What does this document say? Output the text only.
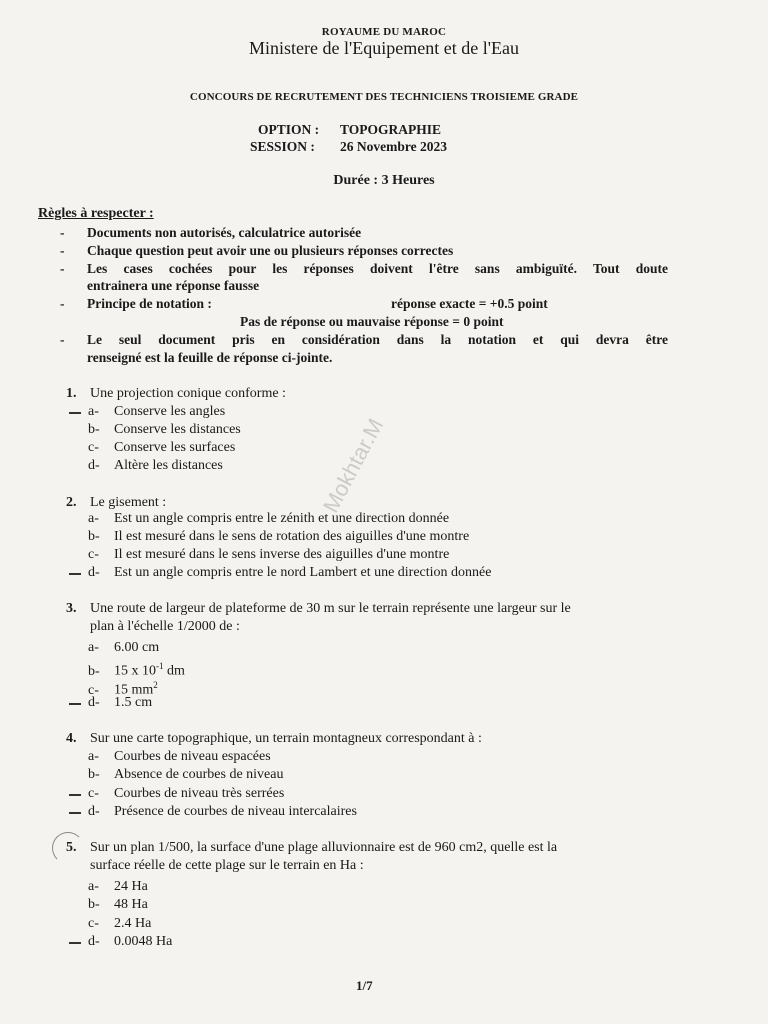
ROYAUME DU MAROC
Ministere de l'Equipement et de l'Eau
CONCOURS DE RECRUTEMENT DES TECHNICIENS TROISIEME GRADE
OPTION : TOPOGRAPHIE
SESSION : 26 Novembre 2023
Durée : 3 Heures
Règles à respecter :
- Documents non autorisés, calculatrice autorisée
- Chaque question peut avoir une ou plusieurs réponses correctes
- Les cases cochées pour les réponses doivent l'être sans ambiguïté. Tout doute
entrainera une réponse fausse
- Principe de notation :	réponse exacte = +0.5 point
Pas de réponse ou mauvaise réponse = 0 point
- Le seul document pris en considération dans la notation et qui devra être
renseigné est la feuille de réponse ci-jointe.
1. Une projection conique conforme :
a- Conserve les angles
b- Conserve les distances
c- Conserve les surfaces
d- Altère les distances
2. Le gisement :
a- Est un angle compris entre le zénith et une direction donnée
b- Il est mesuré dans le sens de rotation des aiguilles d'une montre
c- Il est mesuré dans le sens inverse des aiguilles d'une montre
d- Est un angle compris entre le nord Lambert et une direction donnée
Mokhtar.M
3. Une route de largeur de plateforme de 30 m sur le terrain représente une largeur sur le
plan à l'échelle 1/2000 de :
a- 6.00 cm
b- 15 x $10^{-1}$ dm
c- 15 $mm^2$
d- 1.5 cm
4. Sur une carte topographique, un terrain montagneux correspondant à :
a- Courbes de niveau espacées
b- Absence de courbes de niveau
c- Courbes de niveau très serrées
d- Présence de courbes de niveau intercalaires
5. Sur un plan 1/500, la surface d'une plage alluvionnaire est de 960 cm2, quelle est la
surface réelle de cette plage sur le terrain en Ha :
a- 24 Ha
b- 48 Ha
c- 2.4 Ha
d- 0.0048 Ha
1/7
